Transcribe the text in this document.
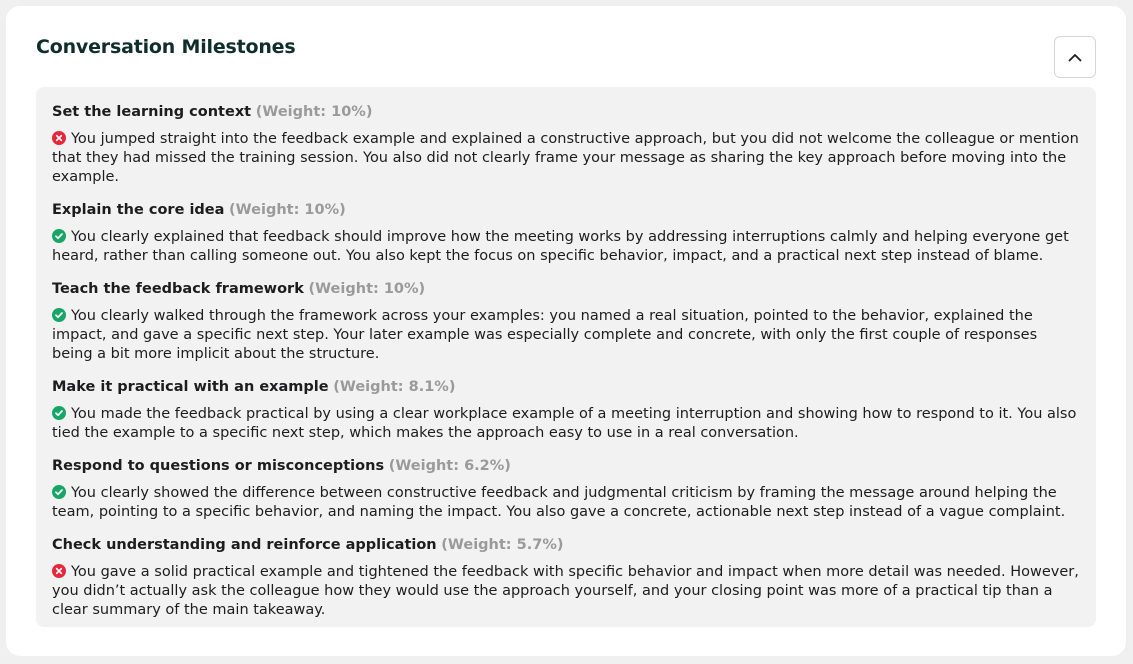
Conversation Milestones
Set the learning context (Weight: 10%)
You jumped straight into the feedback example and explained a constructive approach, but you did not welcome the colleague or mention that they had missed the training session. You also did not clearly frame your message as sharing the key approach before moving into the example.
Explain the core idea (Weight: 10%)
You clearly explained that feedback should improve how the meeting works by addressing interruptions calmly and helping everyone get heard, rather than calling someone out. You also kept the focus on specific behavior, impact, and a practical next step instead of blame.
Teach the feedback framework (Weight: 10%)
You clearly walked through the framework across your examples: you named a real situation, pointed to the behavior, explained the impact, and gave a specific next step. Your later example was especially complete and concrete, with only the first couple of responses being a bit more implicit about the structure.
Make it practical with an example (Weight: 8.1%)
You made the feedback practical by using a clear workplace example of a meeting interruption and showing how to respond to it. You also tied the example to a specific next step, which makes the approach easy to use in a real conversation.
Respond to questions or misconceptions (Weight: 6.2%)
You clearly showed the difference between constructive feedback and judgmental criticism by framing the message around helping the team, pointing to a specific behavior, and naming the impact. You also gave a concrete, actionable next step instead of a vague complaint.
Check understanding and reinforce application (Weight: 5.7%)
You gave a solid practical example and tightened the feedback with specific behavior and impact when more detail was needed. However, you didn’t actually ask the colleague how they would use the approach yourself, and your closing point was more of a practical tip than a clear summary of the main takeaway.
